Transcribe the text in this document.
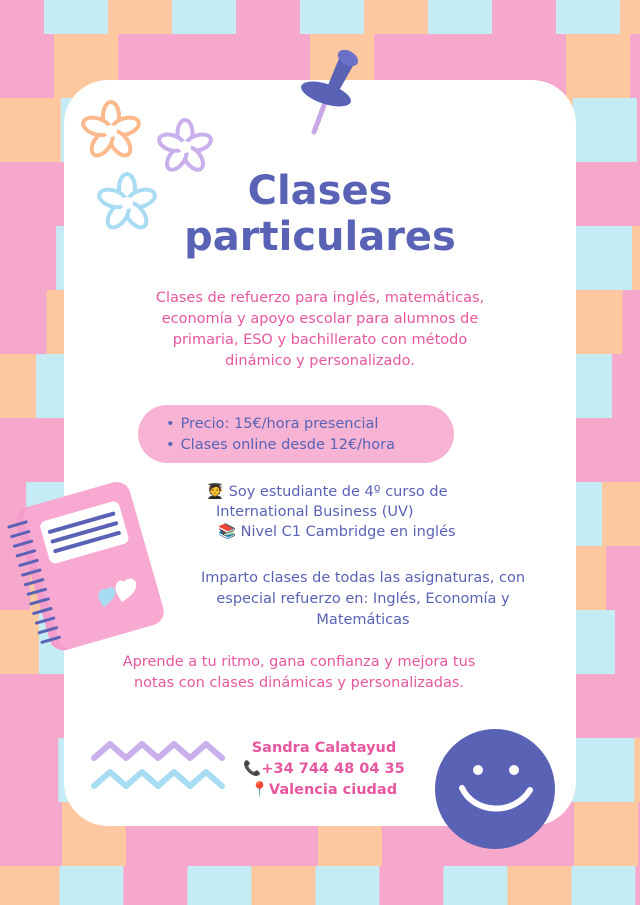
Clases
particulares

Clases de refuerzo para inglés, matemáticas, economía y apoyo escolar para alumnos de primaria, ESO y bachillerato con método dinámico y personalizado.

• Precio: 15€/hora presencial
• Clases online desde 12€/hora
🧑‍🎓 Soy estudiante de 4º curso de
International Business (UV)
📚 Nivel C1 Cambridge en inglés

Imparto clases de todas las asignaturas, con especial refuerzo en: Inglés, Economía y Matemáticas

Aprende a tu ritmo, gana confianza y mejora tus notas con clases dinámicas y personalizadas.

Sandra Calatayud
📞+34 744 48 04 35
📍Valencia ciudad
